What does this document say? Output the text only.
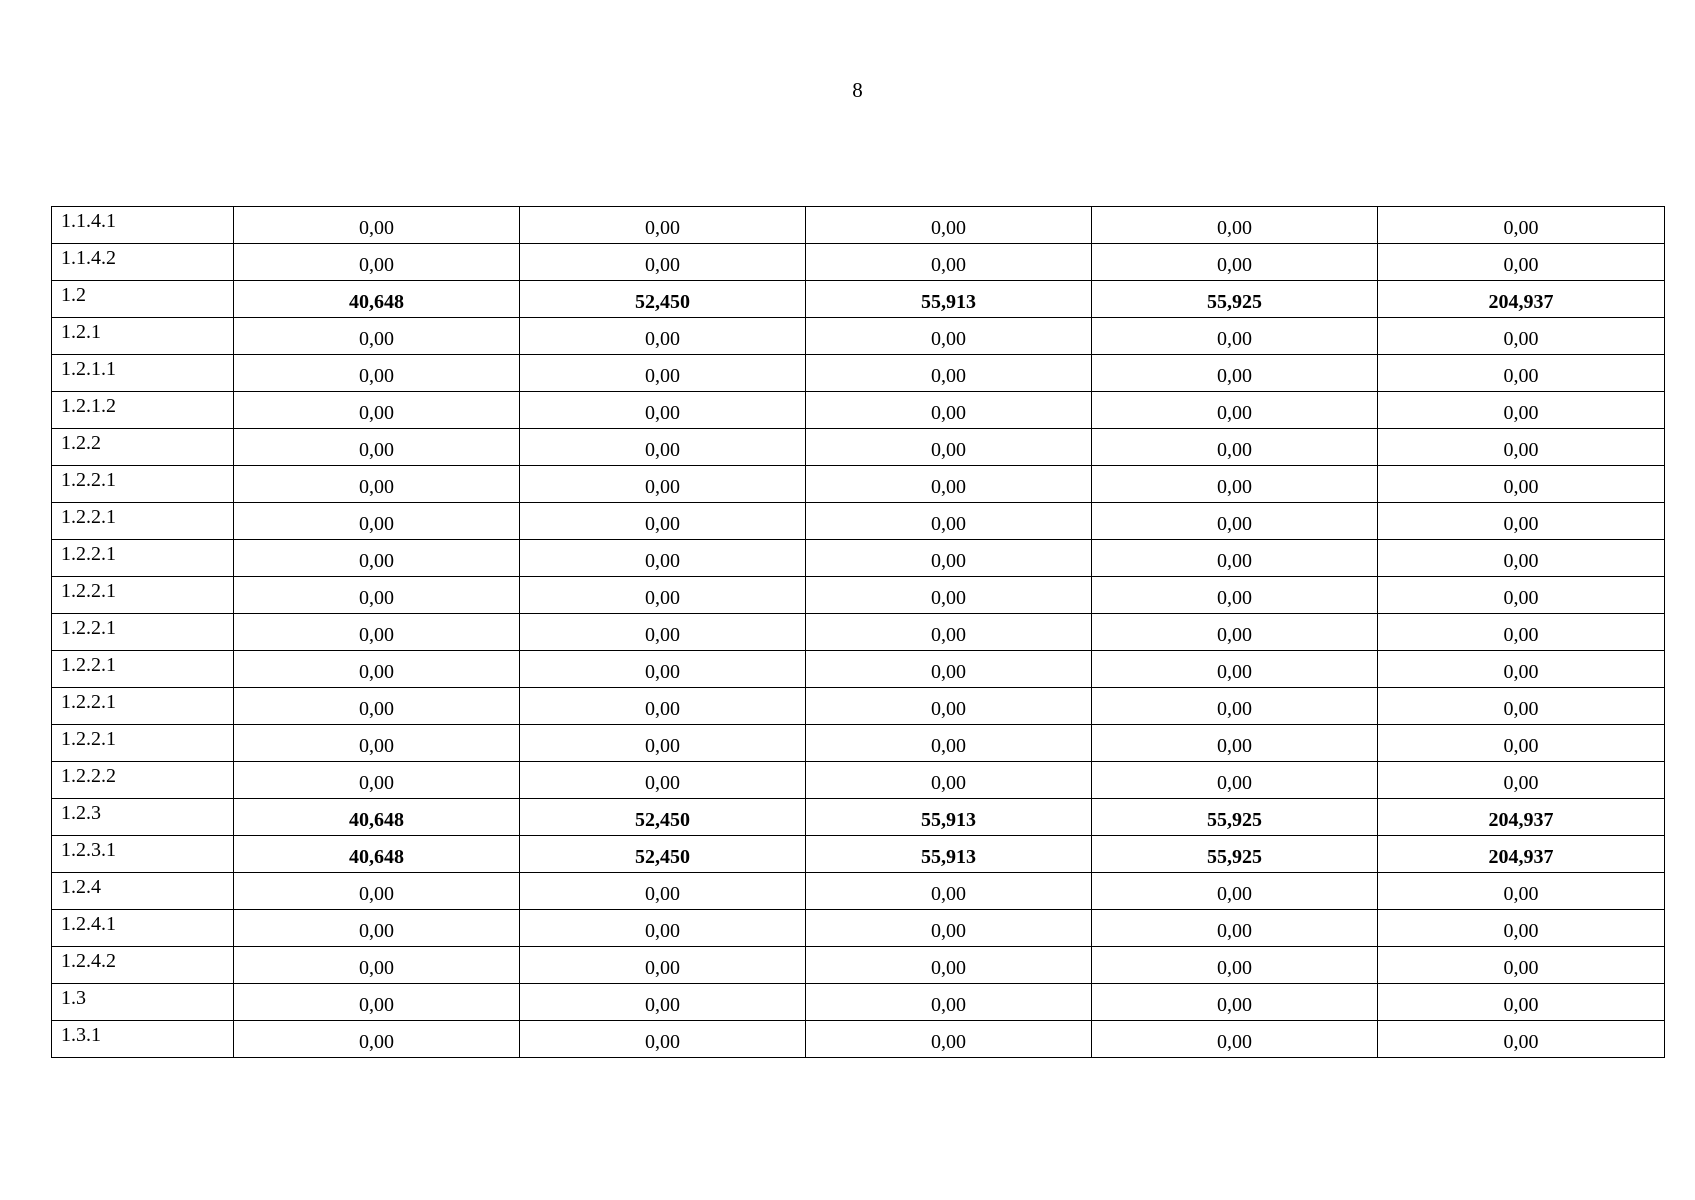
8
1.1.4.1	0,00	0,00	0,00	0,00	0,00
1.1.4.2	0,00	0,00	0,00	0,00	0,00
1.2	40,648	52,450	55,913	55,925	204,937
1.2.1	0,00	0,00	0,00	0,00	0,00
1.2.1.1	0,00	0,00	0,00	0,00	0,00
1.2.1.2	0,00	0,00	0,00	0,00	0,00
1.2.2	0,00	0,00	0,00	0,00	0,00
1.2.2.1	0,00	0,00	0,00	0,00	0,00
1.2.2.1	0,00	0,00	0,00	0,00	0,00
1.2.2.1	0,00	0,00	0,00	0,00	0,00
1.2.2.1	0,00	0,00	0,00	0,00	0,00
1.2.2.1	0,00	0,00	0,00	0,00	0,00
1.2.2.1	0,00	0,00	0,00	0,00	0,00
1.2.2.1	0,00	0,00	0,00	0,00	0,00
1.2.2.1	0,00	0,00	0,00	0,00	0,00
1.2.2.2	0,00	0,00	0,00	0,00	0,00
1.2.3	40,648	52,450	55,913	55,925	204,937
1.2.3.1	40,648	52,450	55,913	55,925	204,937
1.2.4	0,00	0,00	0,00	0,00	0,00
1.2.4.1	0,00	0,00	0,00	0,00	0,00
1.2.4.2	0,00	0,00	0,00	0,00	0,00
1.3	0,00	0,00	0,00	0,00	0,00
1.3.1	0,00	0,00	0,00	0,00	0,00
